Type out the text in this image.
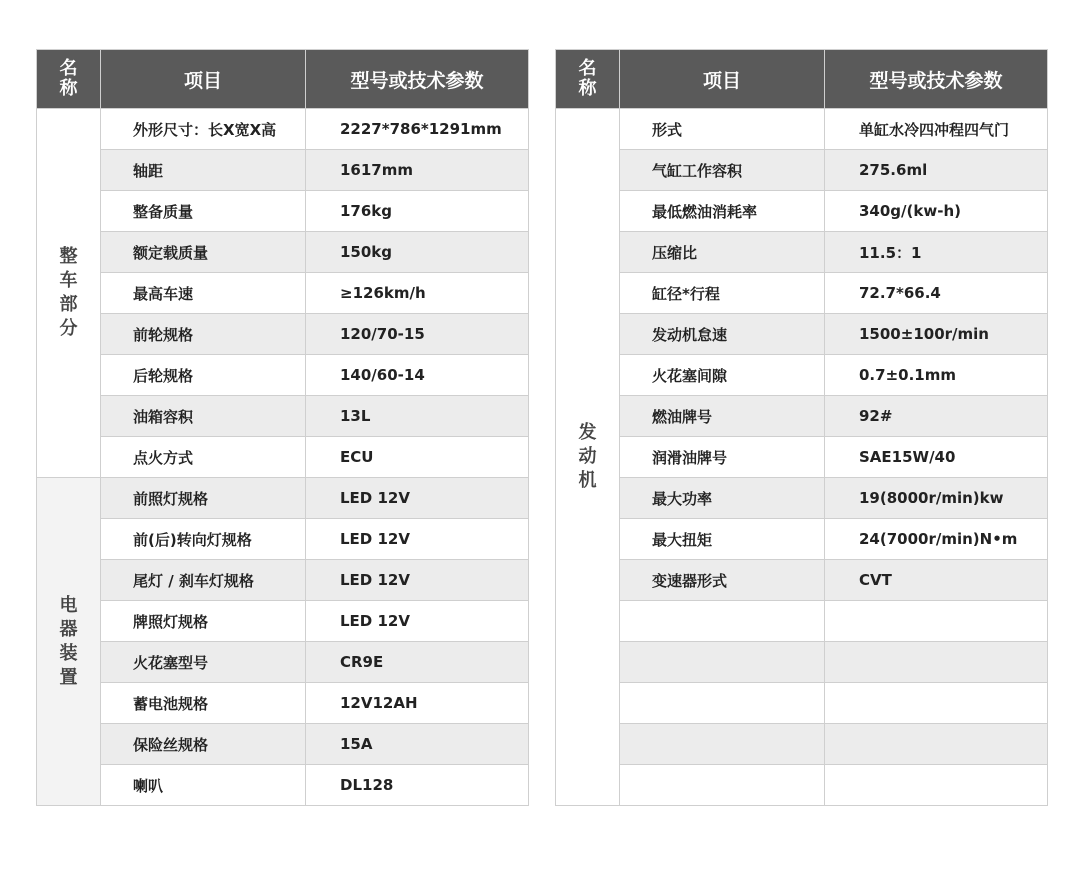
名称	项目	型号或技术参数
整车部分	外形尺寸：长X宽X高	2227*786*1291mm
	轴距	1617mm
	整备质量	176kg
	额定载质量	150kg
	最高车速	≥126km/h
	前轮规格	120/70-15
	后轮规格	140/60-14
	油箱容积	13L
	点火方式	ECU
电器装置	前照灯规格	LED 12V
	前(后)转向灯规格	LED 12V
	尾灯 / 刹车灯规格	LED 12V
	牌照灯规格	LED 12V
	火花塞型号	CR9E
	蓄电池规格	12V12AH
	保险丝规格	15A
	喇叭	DL128
名称	项目	型号或技术参数
发动机	形式	单缸水冷四冲程四气门
	气缸工作容积	275.6ml
	最低燃油消耗率	340g/(kw-h)
	压缩比	11.5：1
	缸径*行程	72.7*66.4
	发动机怠速	1500±100r/min
	火花塞间隙	0.7±0.1mm
	燃油牌号	92#
	润滑油牌号	SAE15W/40
	最大功率	19(8000r/min)kw
	最大扭矩	24(7000r/min)N•m
	变速器形式	CVT
